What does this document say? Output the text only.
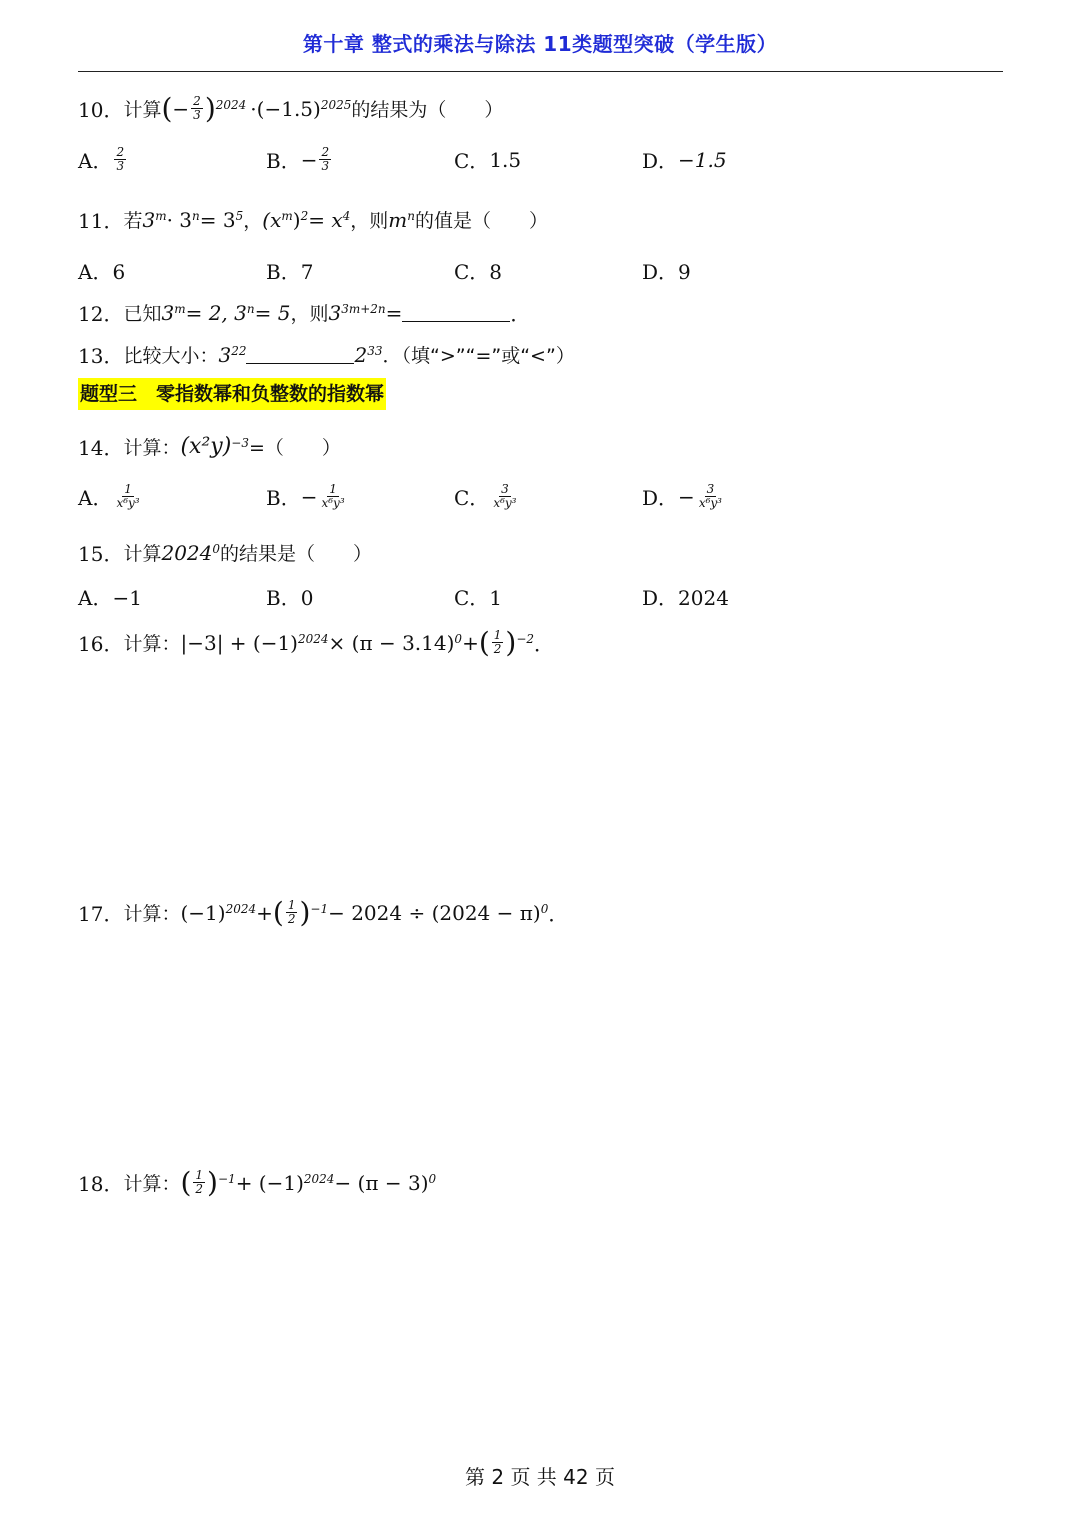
第十章 整式的乘法与除法 11类题型突破（学生版）
10． 计算 ( − $\frac{2}{3} )^{2024} \cdot(-1.5)^{2025}$ 的结果为（　　）
A． $\frac{2}{3}$	B． − $\frac{2}{3}$	C． 1.5	D． −1.5
11． 若 $3^m \cdot 3^n = 3^5$ ， ($x^m$ )$^2 = x^4$ ，则 $m^n$ 的值是（　　）
A．6	B．7	C．8	D．9
12． 已知 $3^m = 2$, $3^n = 5$ ，则 $3^{3m+2n}$ =	．
13． 比较大小： $3^{22}$	$2^{33}$ ．（填“>”“=”或“<”）
题型三　零指数幂和负整数的指数幂
14． 计算： $(x^2y)^{-3}$ =（　　）
A． $\frac{1}{\text{x⁶y³}}$	B． − $\frac{1}{\text{x⁶y³}}$	C． $\frac{3}{\text{x⁶y³}}$	D． − $\frac{3}{\text{x⁶y³}}$
15． 计算 2024$^0$ 的结果是（　　）
A．−1	B．0	C．1	D．2024
16． 计算： $|-3| + (-1)^{2024} \times (\pi - 3.14)^0$ + ( $\frac{1}{2} )^{-2}$ ．
17． 计算： $(-1)^{2024}$ + ( $\frac{1}{2} )^{-1} - 2024 \div (2024 - \pi)^0$ ．
18． 计算： ( $\frac{1}{2} )^{-1} + (-1)^{2024} - (\pi - 3)^0$
第 2 页 共 42 页
